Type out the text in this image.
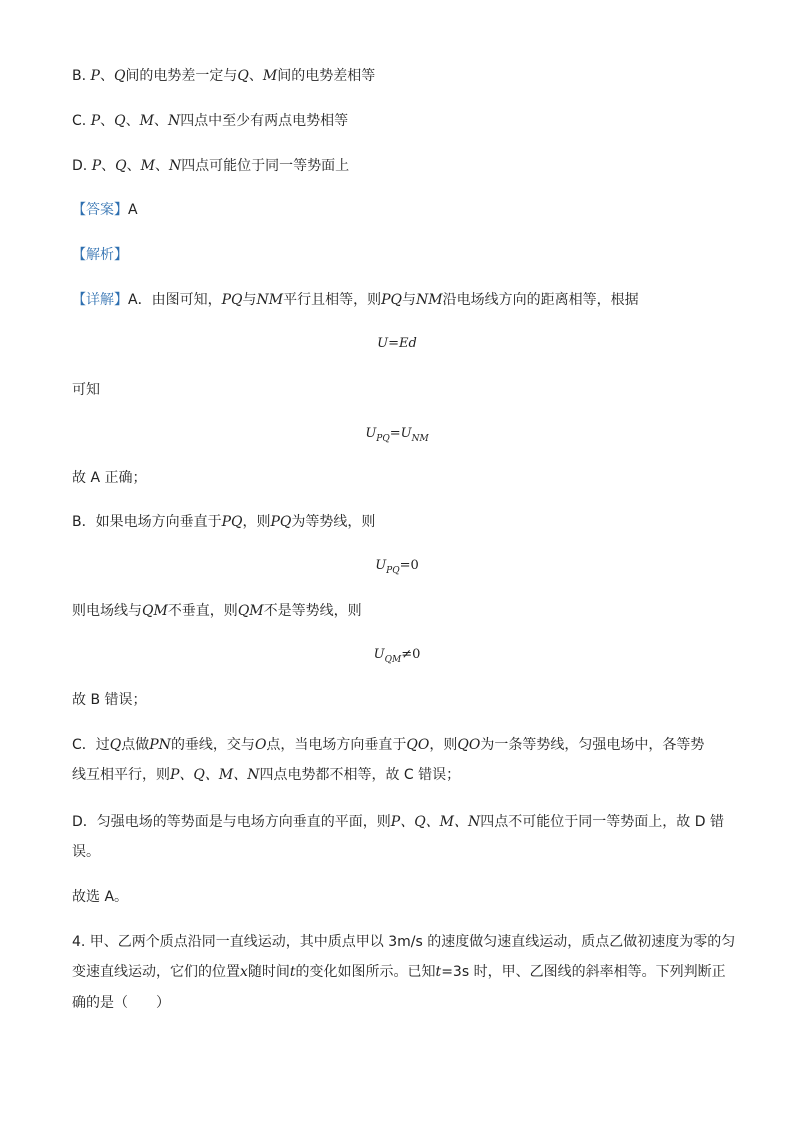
B. P、Q间的电势差一定与Q、M间的电势差相等
C. P、Q、M、N四点中至少有两点电势相等
D. P、Q、M、N四点可能位于同一等势面上
【答案】A
【解析】
【详解】A．由图可知，PQ与NM平行且相等，则PQ与NM沿电场线方向的距离相等，根据
U=Ed
可知
$U_{PQ}=U_{NM}$
故 A 正确；
B．如果电场方向垂直于PQ，则PQ为等势线，则
$U_{PQ}=0$
则电场线与QM不垂直，则QM不是等势线，则
$U_{QM}\ne 0$
故 B 错误；
C．过Q点做PN的垂线，交与O点，当电场方向垂直于QO，则QO为一条等势线，匀强电场中，各等势
线互相平行，则P、Q、M、N四点电势都不相等，故 C 错误；
D．匀强电场的等势面是与电场方向垂直的平面，则P、Q、M、N四点不可能位于同一等势面上，故 D 错
误。
故选 A。
4. 甲、乙两个质点沿同一直线运动，其中质点甲以 3m/s 的速度做匀速直线运动，质点乙做初速度为零的匀
变速直线运动，它们的位置x随时间t的变化如图所示。已知t=3s 时，甲、乙图线的斜率相等。下列判断正
确的是（　　）
